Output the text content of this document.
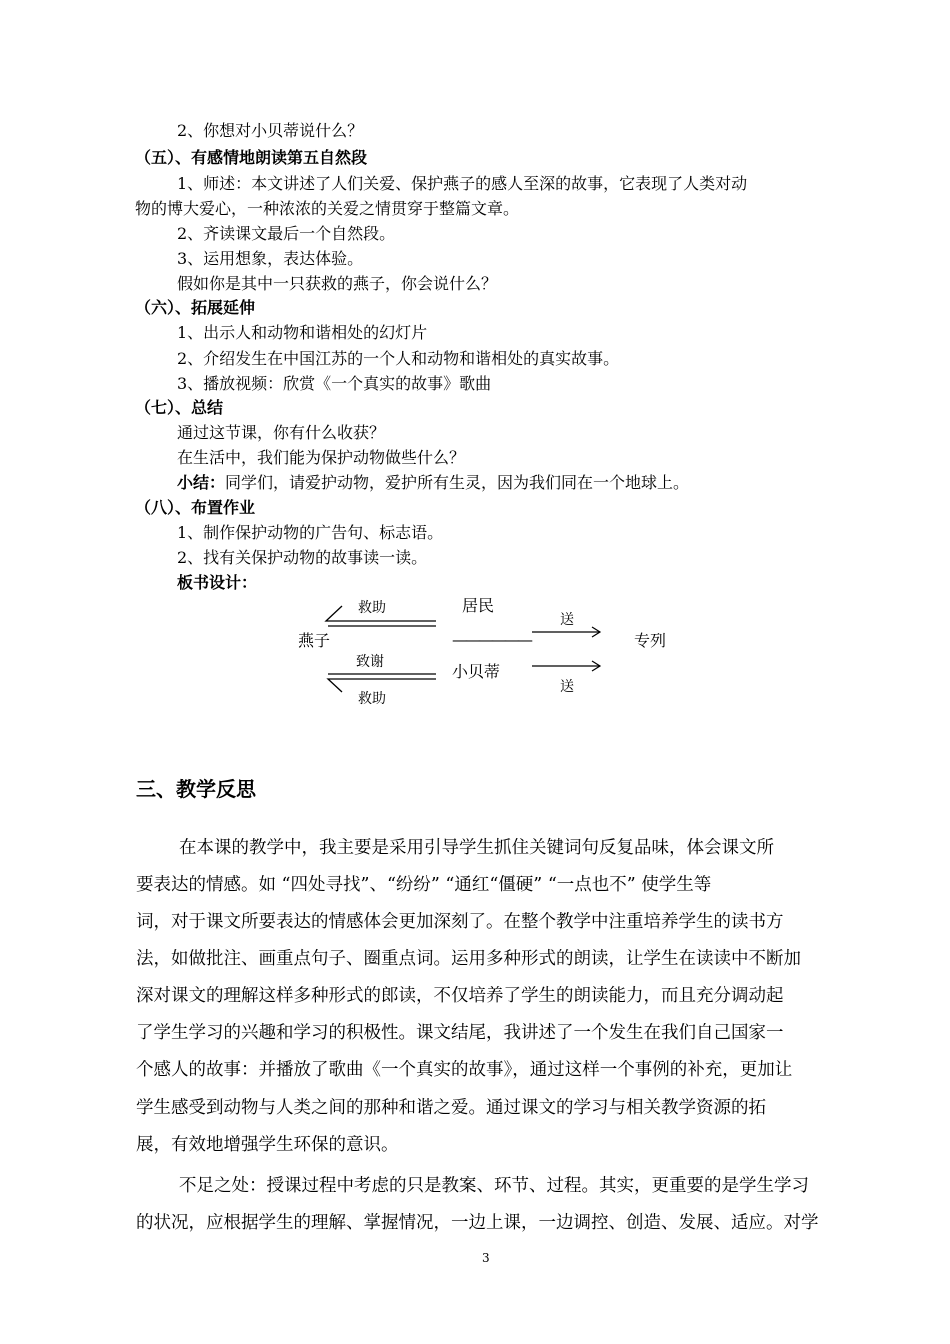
2、你想对小贝蒂说什么？
（五）、有感情地朗读第五自然段
1、师述：本文讲述了人们关爱、保护燕子的感人至深的故事，它表现了人类对动
物的博大爱心，一种浓浓的关爱之情贯穿于整篇文章。
2、齐读课文最后一个自然段。
3、运用想象，表达体验。
假如你是其中一只获救的燕子，你会说什么？
（六）、拓展延伸
1、出示人和动物和谐相处的幻灯片
2、介绍发生在中国江苏的一个人和动物和谐相处的真实故事。
3、播放视频：欣赏《一个真实的故事》歌曲
（七）、总结
通过这节课，你有什么收获？
在生活中，我们能为保护动物做些什么？
小结：同学们，请爱护动物，爱护所有生灵，因为我们同在一个地球上。
（八）、布置作业
1、制作保护动物的广告句、标志语。
2、找有关保护动物的故事读一读。
板书设计：
救助
燕子
致谢
救助
居民
——————
小贝蒂
送
送
专列
三、教学反思
在本课的教学中，我主要是采用引导学生抓住关键词句反复品味，体会课文所
要表达的情感。如 “四处寻找”、“纷纷” “通红“僵硬” “一点也不” 使学生等
词，对于课文所要表达的情感体会更加深刻了。在整个教学中注重培养学生的读书方
法，如做批注、画重点句子、圈重点词。运用多种形式的朗读，让学生在读读中不断加
深对课文的理解这样多种形式的郎读，不仅培养了学生的朗读能力，而且充分调动起
了学生学习的兴趣和学习的积极性。课文结尾，我讲述了一个发生在我们自己国家一
个感人的故事：并播放了歌曲《一个真实的故事》，通过这样一个事例的补充，更加让
学生感受到动物与人类之间的那种和谐之爱。通过课文的学习与相关教学资源的拓
展，有效地增强学生环保的意识。
不足之处：授课过程中考虑的只是教案、环节、过程。其实，更重要的是学生学习
的状况，应根据学生的理解、掌握情况，一边上课，一边调控、创造、发展、适应。对学
3
